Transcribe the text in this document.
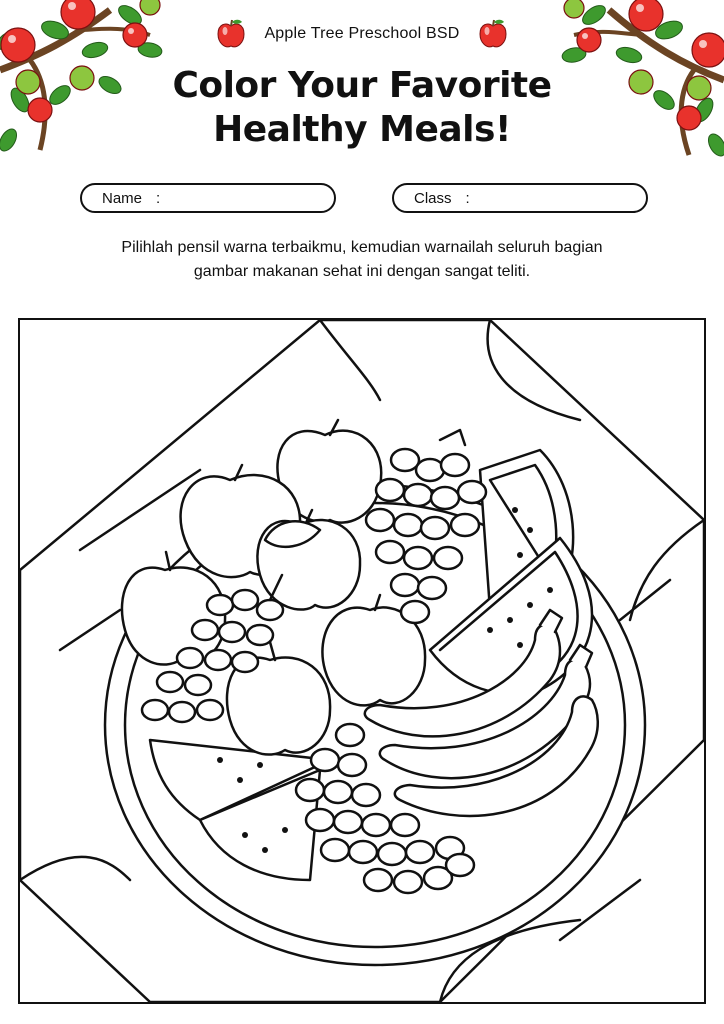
Apple Tree Preschool BSD
Color Your Favorite
Healthy Meals!
Name :	Class :
Pilihlah pensil warna terbaikmu, kemudian warnailah seluruh bagian
gambar makanan sehat ini dengan sangat teliti.
